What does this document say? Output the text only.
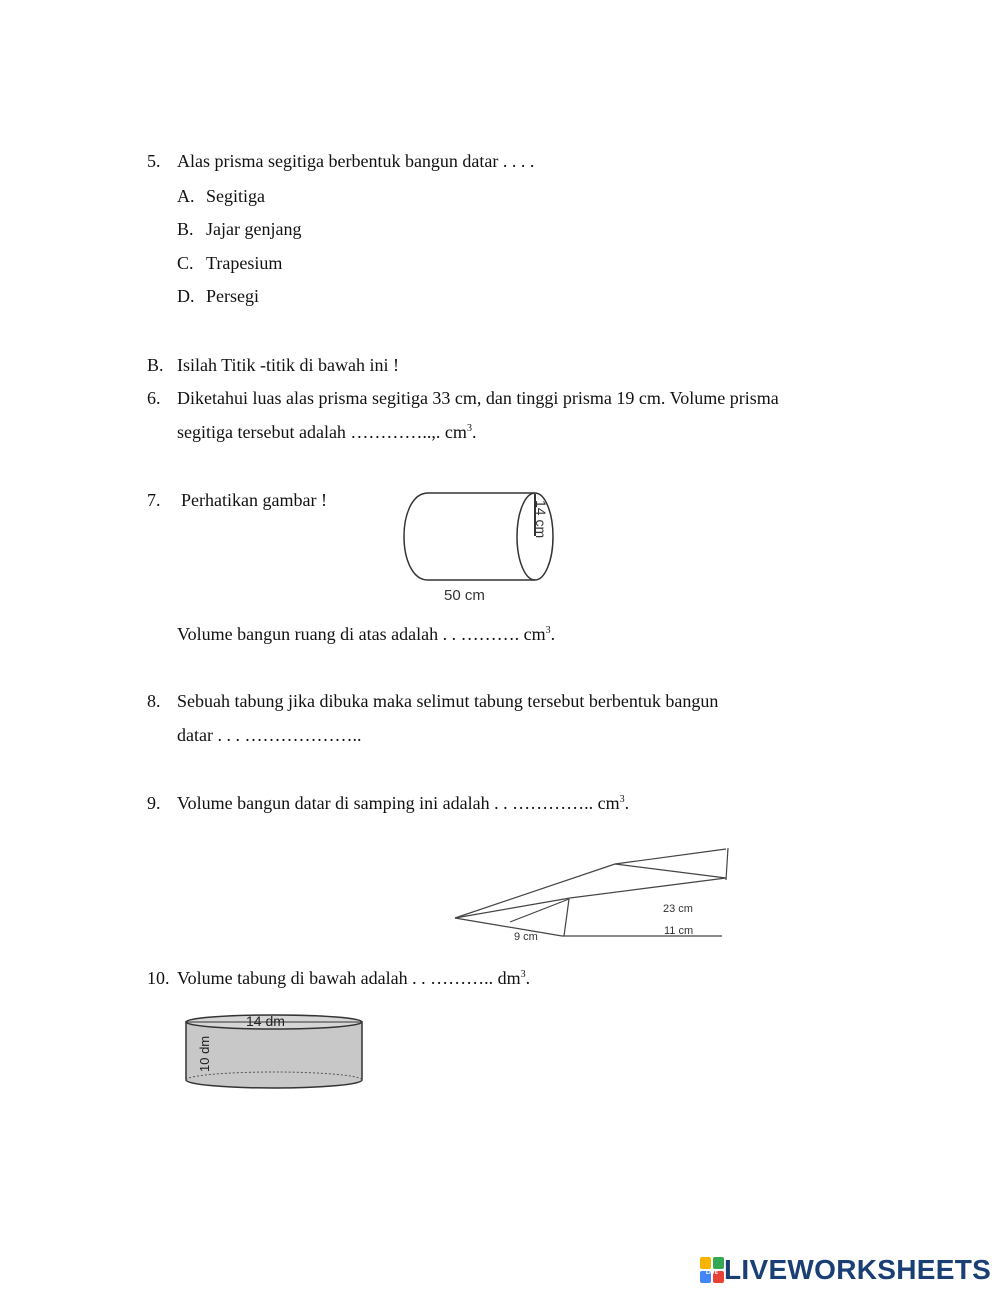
5. Alas prisma segitiga berbentuk bangun datar . . . .
A. Segitiga
B. Jajar genjang
C. Trapesium
D. Persegi
B. Isilah Titik -titik di bawah ini !
6. Diketahui luas alas prisma segitiga 33 cm, dan tinggi prisma 19 cm. Volume prisma
segitiga tersebut adalah …………..,. $cm^3$.
7. Perhatikan gambar !	14 cm
50 cm
Volume bangun ruang di atas adalah . . ………. $cm^3$.
8. Sebuah tabung jika dibuka maka selimut tabung tersebut berbentuk bangun
datar . . . ………………..
9. Volume bangun datar di samping ini adalah . . ………….. $cm^3$.
23 cm
11 cm
9 cm
10. Volume tabung di bawah adalah . . ……….. $dm^3$.
14 dm
10 dm
LIVE LIVEWORKSHEETS
